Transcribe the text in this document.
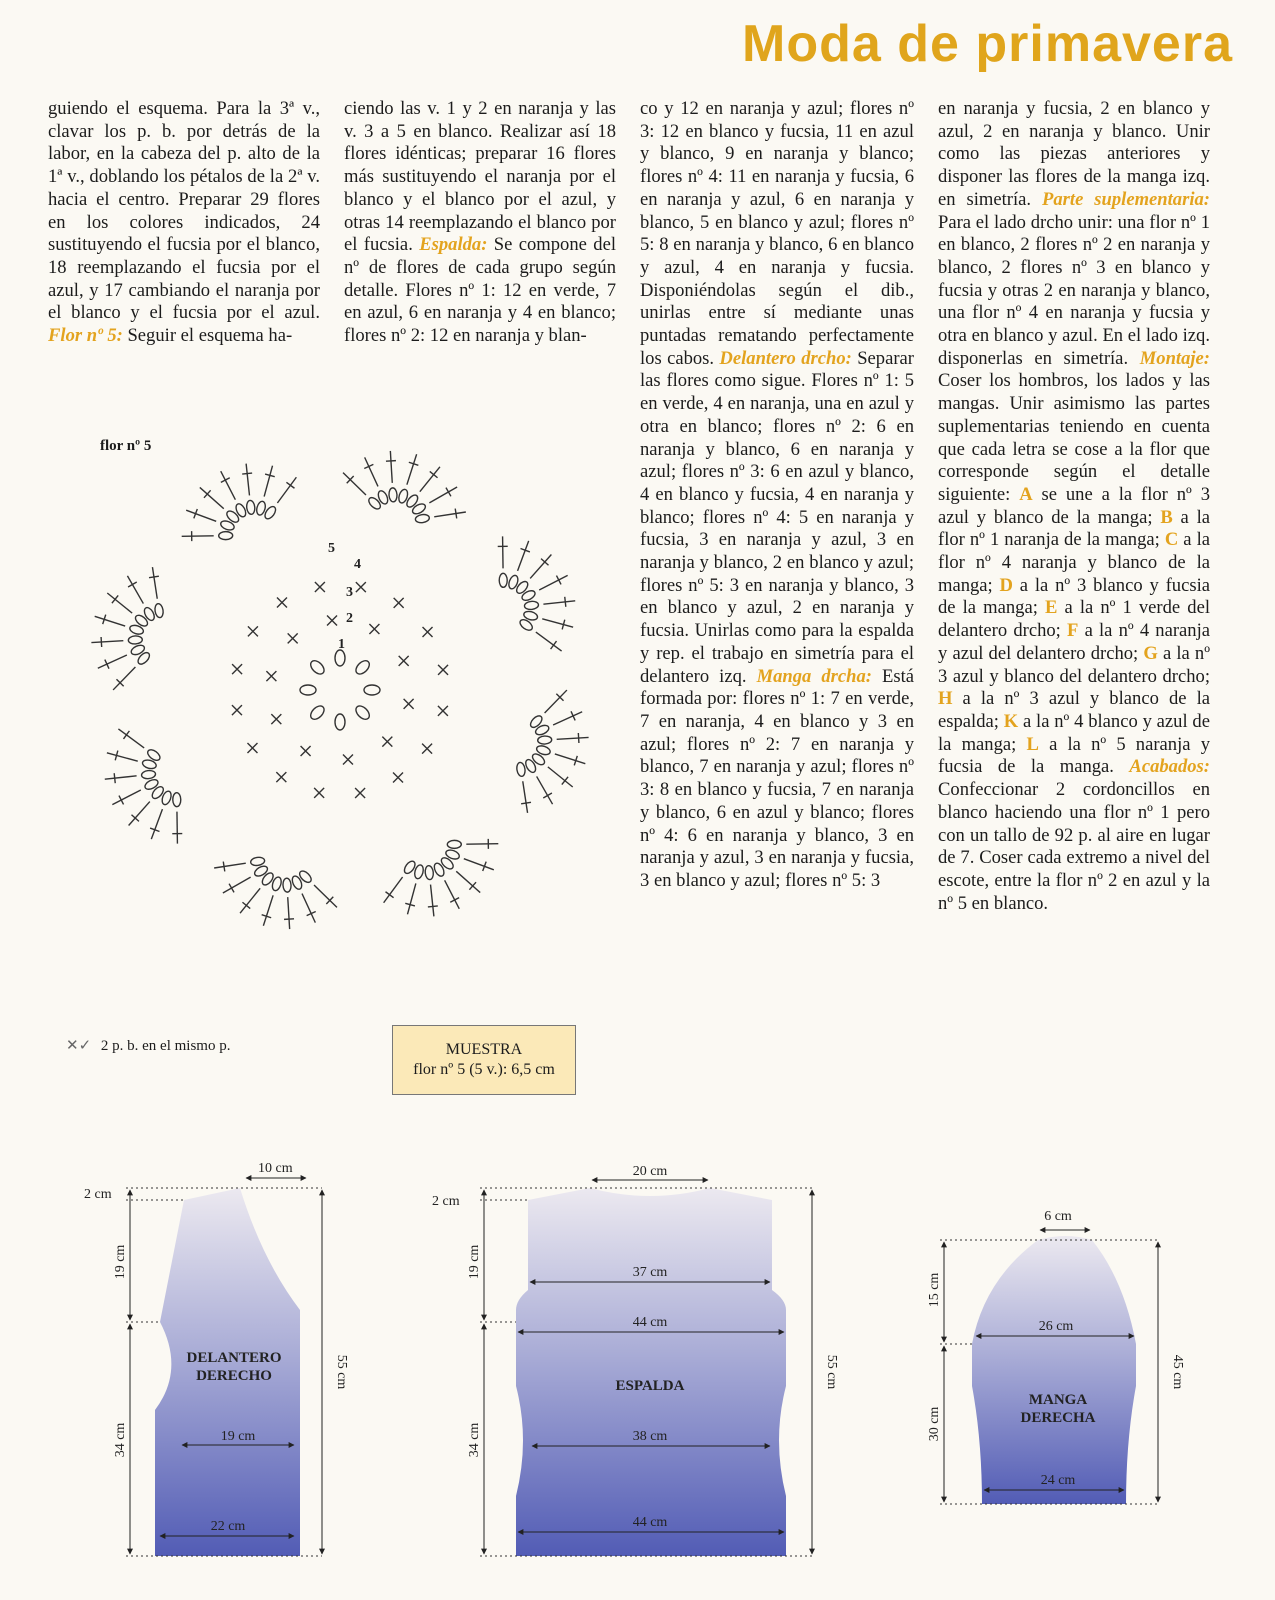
Moda de primavera

guiendo el esquema. Para la 3ª v., clavar los p. b. por detrás de la labor, en la cabeza del p. alto de la 1ª v., doblando los pétalos de la 2ª v. hacia el centro. Preparar 29 flores en los colores indicados, 24 sustituyendo el fucsia por el blanco, 18 reemplazando el fucsia por el azul, y 17 cambiando el naranja por el blanco y el fucsia por el azul. Flor nº 5: Seguir el esquema ha-

ciendo las v. 1 y 2 en naranja y las v. 3 a 5 en blanco. Realizar así 18 flores idénticas; preparar 16 flores más sustituyendo el naranja por el blanco y el blanco por el azul, y otras 14 reemplazando el blanco por el fucsia. Espalda: Se compone del nº de flores de cada grupo según detalle. Flores nº 1: 12 en verde, 7 en azul, 6 en naranja y 4 en blanco; flores nº 2: 12 en naranja y blan-

co y 12 en naranja y azul; flores nº 3: 12 en blanco y fucsia, 11 en azul y blanco, 9 en naranja y blanco; flores nº 4: 11 en naranja y fucsia, 6 en naranja y azul, 6 en naranja y blanco, 5 en blanco y azul; flores nº 5: 8 en naranja y blanco, 6 en blanco y azul, 4 en naranja y fucsia. Disponiéndolas según el dib., unirlas entre sí mediante unas puntadas rematando perfectamente los cabos. Delantero drcho: Separar las flores como sigue. Flores nº 1: 5 en verde, 4 en naranja, una en azul y otra en blanco; flores nº 2: 6 en naranja y blanco, 6 en naranja y azul; flores nº 3: 6 en azul y blanco, 4 en blanco y fucsia, 4 en naranja y blanco; flores nº 4: 5 en naranja y fucsia, 3 en naranja y azul, 3 en naranja y blanco, 2 en blanco y azul; flores nº 5: 3 en naranja y blanco, 3 en blanco y azul, 2 en naranja y fucsia. Unirlas como para la espalda y rep. el trabajo en simetría para el delantero izq. Manga drcha: Está formada por: flores nº 1: 7 en verde, 7 en naranja, 4 en blanco y 3 en azul; flores nº 2: 7 en naranja y blanco, 7 en naranja y azul; flores nº 3: 8 en blanco y fucsia, 7 en naranja y blanco, 6 en azul y blanco; flores nº 4: 6 en naranja y blanco, 3 en naranja y azul, 3 en naranja y fucsia, 3 en blanco y azul; flores nº 5: 3

en naranja y fucsia, 2 en blanco y azul, 2 en naranja y blanco. Unir como las piezas anteriores y disponer las flores de la manga izq. en simetría. Parte suplementaria: Para el lado drcho unir: una flor nº 1 en blanco, 2 flores nº 2 en naranja y blanco, 2 flores nº 3 en blanco y fucsia y otras 2 en naranja y blanco, una flor nº 4 en naranja y fucsia y otra en blanco y azul. En el lado izq. disponerlas en simetría. Montaje: Coser los hombros, los lados y las mangas. Unir asimismo las partes suplementarias teniendo en cuenta que cada letra se cose a la flor que corresponde según el detalle siguiente: A se une a la flor nº 3 azul y blanco de la manga; B a la flor nº 1 naranja de la manga; C a la flor nº 4 naranja y blanco de la manga; D a la nº 3 blanco y fucsia de la manga; E a la nº 1 verde del delantero drcho; F a la nº 4 naranja y azul del delantero drcho; G a la nº 3 azul y blanco del delantero drcho; H a la nº 3 azul y blanco de la espalda; K a la nº 4 blanco y azul de la manga; L a la nº 5 naranja y fucsia de la manga. Acabados: Confeccionar 2 cordoncillos en blanco haciendo una flor nº 1 pero con un tallo de 92 p. al aire en lugar de 7. Coser cada extremo a nivel del escote, entre la flor nº 2 en azul y la nº 5 en blanco.

flor nº 5
1
2
3
4
5
✕✓ 2 p. b. en el mismo p.	MUESTRA
flor nº 5 (5 v.): 6,5 cm
10 cm
2 cm
19 cm
34 cm
55 cm
DELANTERO
DERECHO
19 cm
22 cm
20 cm
2 cm
19 cm
34 cm
55 cm
37 cm
44 cm
ESPALDA
38 cm
44 cm
6 cm
15 cm
30 cm
45 cm
26 cm
MANGA
DERECHA
24 cm
